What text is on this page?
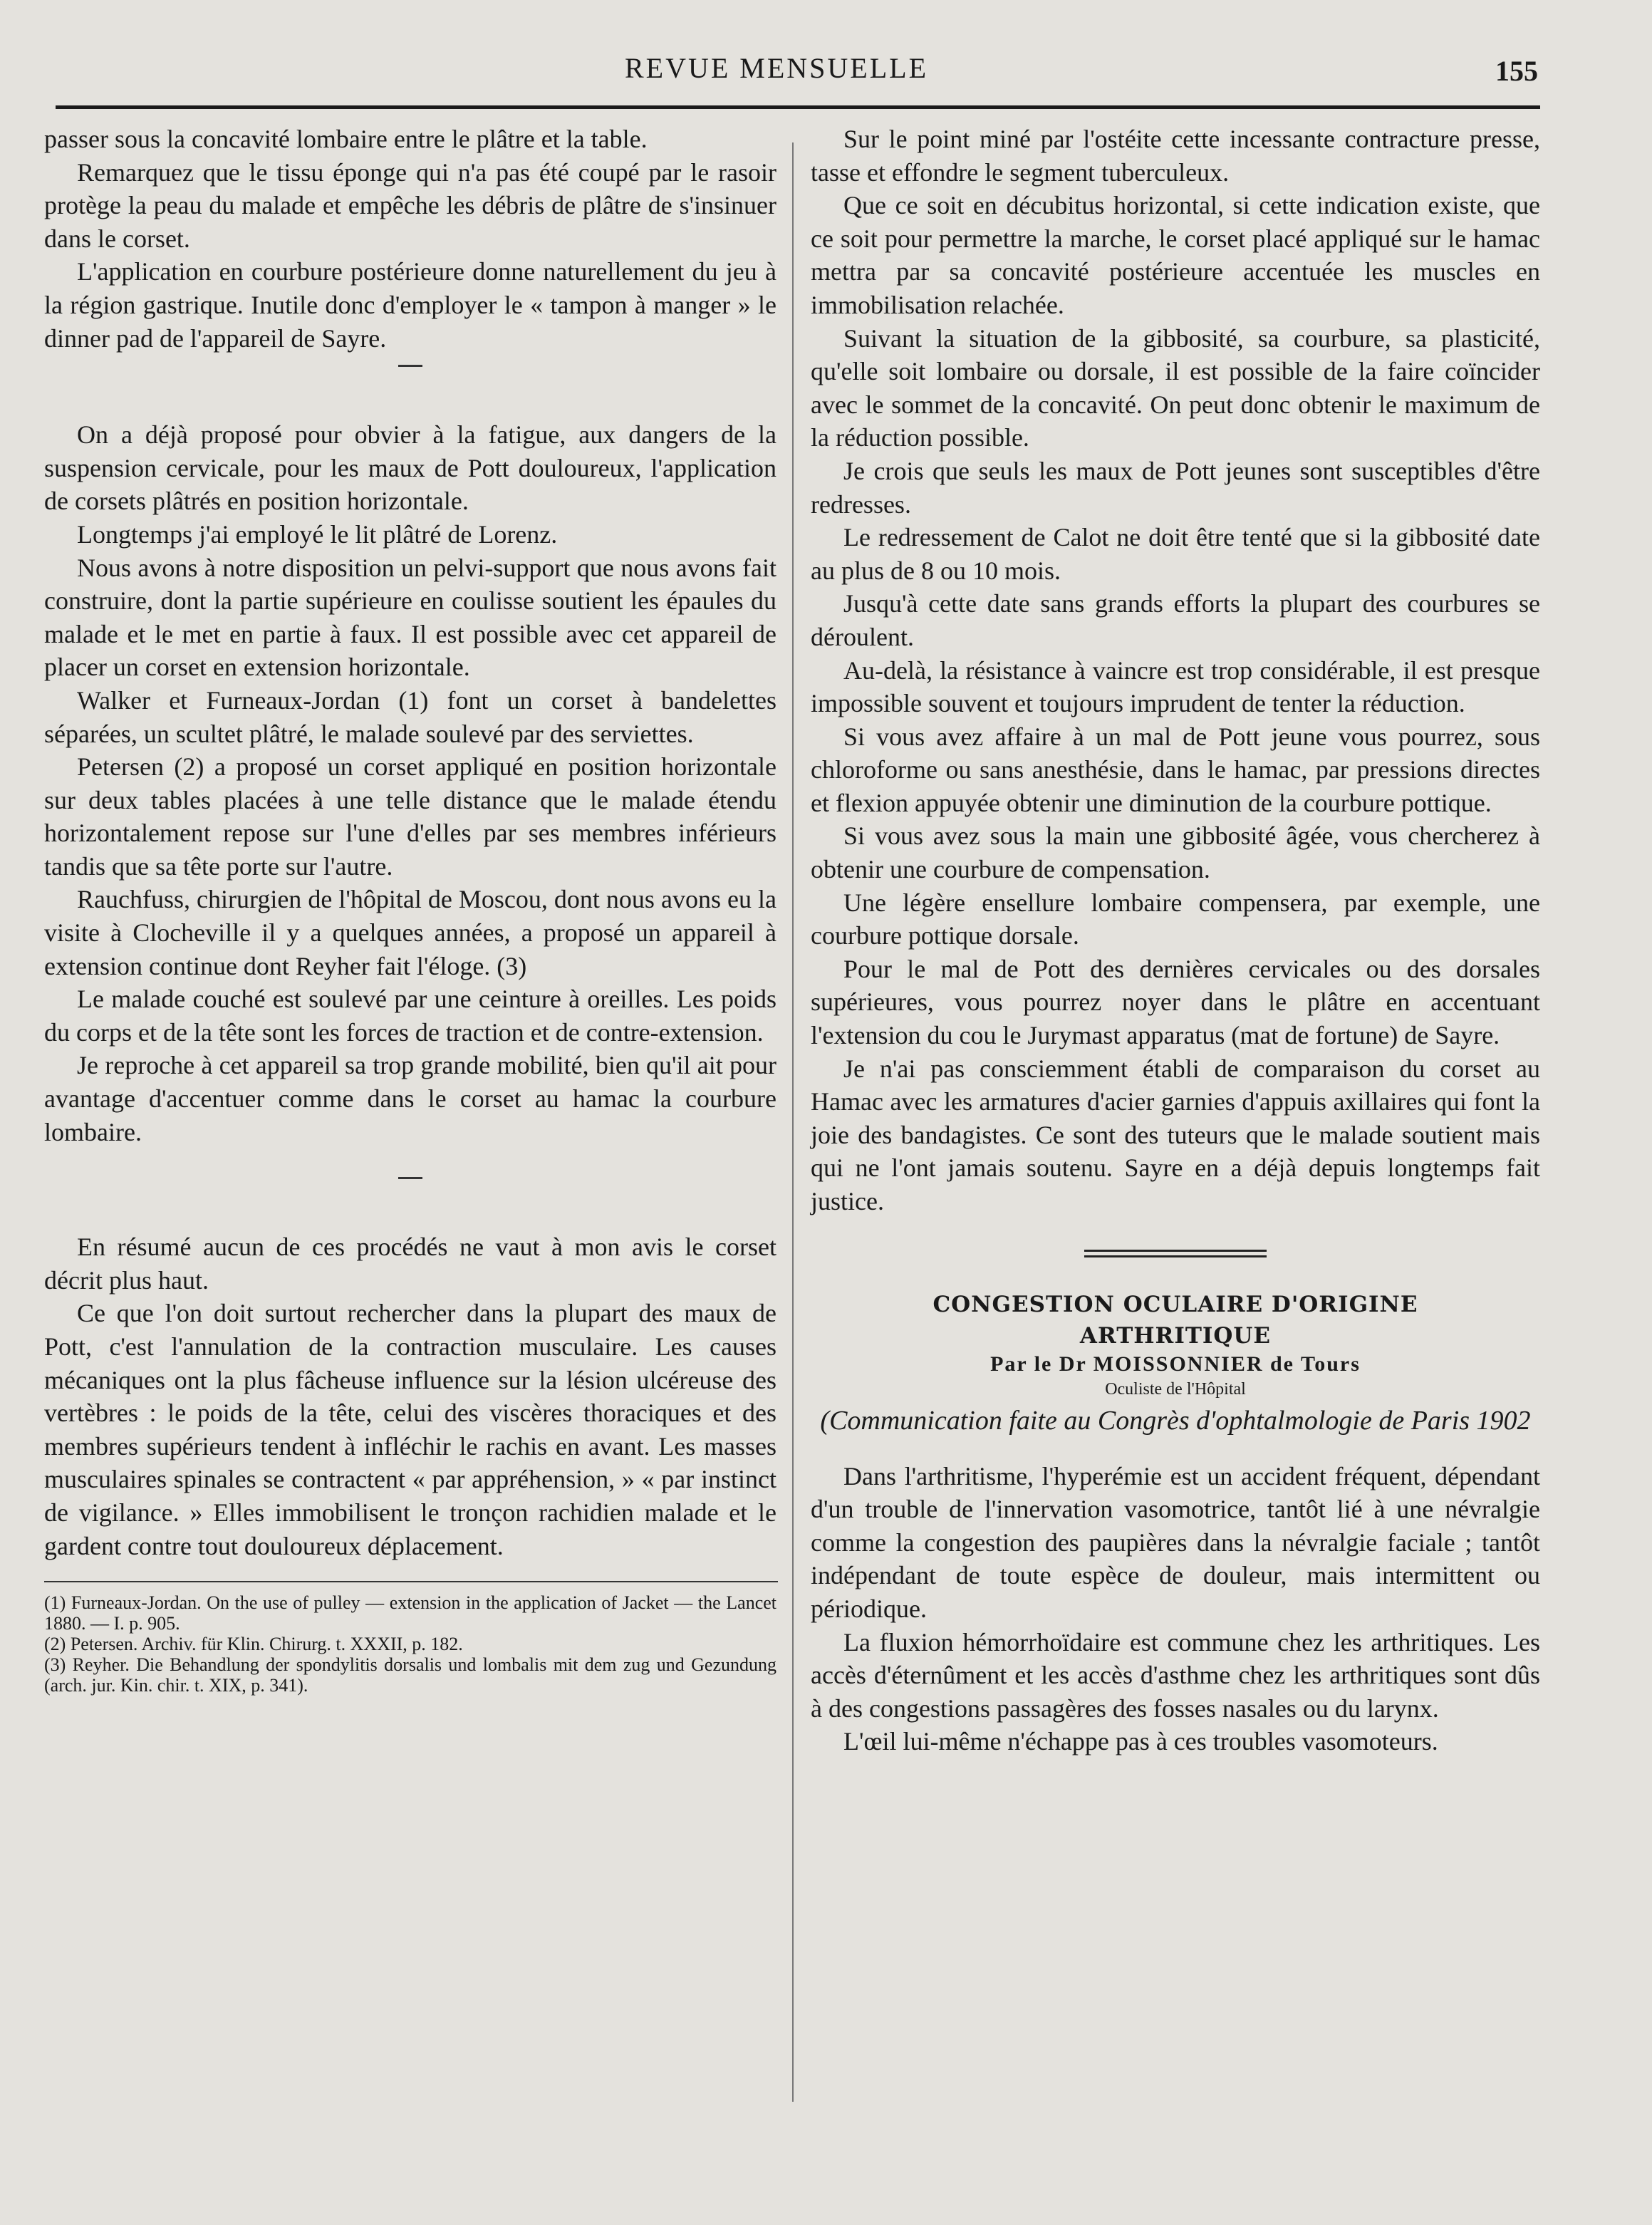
REVUE MENSUELLE	155

passer sous la concavité lombaire entre le plâtre et la table.

Remarquez que le tissu éponge qui n'a pas été coupé par le rasoir protège la peau du malade et empêche les débris de plâtre de s'insinuer dans le corset.

L'application en courbure postérieure donne naturellement du jeu à la région gastrique. Inutile donc d'employer le « tampon à manger » le dinner pad de l'appareil de Sayre.

On a déjà proposé pour obvier à la fatigue, aux dangers de la suspension cervicale, pour les maux de Pott douloureux, l'application de corsets plâtrés en position horizontale.

Longtemps j'ai employé le lit plâtré de Lorenz.

Nous avons à notre disposition un pelvi-support que nous avons fait construire, dont la partie supérieure en coulisse soutient les épaules du malade et le met en partie à faux. Il est possible avec cet appareil de placer un corset en extension horizontale.

Walker et Furneaux-Jordan (1) font un corset à bandelettes séparées, un scultet plâtré, le malade soulevé par des serviettes.

Petersen (2) a proposé un corset appliqué en position horizontale sur deux tables placées à une telle distance que le malade étendu horizontalement repose sur l'une d'elles par ses membres inférieurs tandis que sa tête porte sur l'autre.

Rauchfuss, chirurgien de l'hôpital de Moscou, dont nous avons eu la visite à Clocheville il y a quelques années, a proposé un appareil à extension continue dont Reyher fait l'éloge. (3)

Le malade couché est soulevé par une ceinture à oreilles. Les poids du corps et de la tête sont les forces de traction et de contre-extension.

Je reproche à cet appareil sa trop grande mobilité, bien qu'il ait pour avantage d'accentuer comme dans le corset au hamac la courbure lombaire.

En résumé aucun de ces procédés ne vaut à mon avis le corset décrit plus haut.

Ce que l'on doit surtout rechercher dans la plupart des maux de Pott, c'est l'annulation de la contraction musculaire. Les causes mécaniques ont la plus fâcheuse influence sur la lésion ulcéreuse des vertèbres : le poids de la tête, celui des viscères thoraciques et des membres supérieurs tendent à infléchir le rachis en avant. Les masses musculaires spinales se contractent « par appréhension, » « par instinct de vigilance. » Elles immobilisent le tronçon rachidien malade et le gardent contre tout douloureux déplacement.

(1) Furneaux-Jordan. On the use of pulley — extension in the application of Jacket — the Lancet 1880. — I. p. 905.

(2) Petersen. Archiv. für Klin. Chirurg. t. XXXII, p. 182.

(3) Reyher. Die Behandlung der spondylitis dorsalis und lombalis mit dem zug und Gezundung (arch. jur. Kin. chir. t. XIX, p. 341).

Sur le point miné par l'ostéite cette incessante contracture presse, tasse et effondre le segment tuberculeux.

Que ce soit en décubitus horizontal, si cette indication existe, que ce soit pour permettre la marche, le corset placé appliqué sur le hamac mettra par sa concavité postérieure accentuée les muscles en immobilisation relachée.

Suivant la situation de la gibbosité, sa courbure, sa plasticité, qu'elle soit lombaire ou dorsale, il est possible de la faire coïncider avec le sommet de la concavité. On peut donc obtenir le maximum de la réduction possible.

Je crois que seuls les maux de Pott jeunes sont susceptibles d'être redresses.

Le redressement de Calot ne doit être tenté que si la gibbosité date au plus de 8 ou 10 mois.

Jusqu'à cette date sans grands efforts la plupart des courbures se déroulent.

Au-delà, la résistance à vaincre est trop considérable, il est presque impossible souvent et toujours imprudent de tenter la réduction.

Si vous avez affaire à un mal de Pott jeune vous pourrez, sous chloroforme ou sans anesthésie, dans le hamac, par pressions directes et flexion appuyée obtenir une diminution de la courbure pottique.

Si vous avez sous la main une gibbosité âgée, vous chercherez à obtenir une courbure de compensation.

Une légère ensellure lombaire compensera, par exemple, une courbure pottique dorsale.

Pour le mal de Pott des dernières cervicales ou des dorsales supérieures, vous pourrez noyer dans le plâtre en accentuant l'extension du cou le Jurymast apparatus (mat de fortune) de Sayre.

Je n'ai pas consciemment établi de comparaison du corset au Hamac avec les armatures d'acier garnies d'appuis axillaires qui font la joie des bandagistes. Ce sont des tuteurs que le malade soutient mais qui ne l'ont jamais soutenu. Sayre en a déjà depuis longtemps fait justice.

CONGESTION OCULAIRE D'ORIGINE
ARTHRITIQUE
Par le Dr MOISSONNIER de Tours
Oculiste de l'Hôpital
(Communication faite au Congrès d'ophtalmologie de Paris 1902

Dans l'arthritisme, l'hyperémie est un accident fréquent, dépendant d'un trouble de l'innervation vasomotrice, tantôt lié à une névralgie comme la congestion des paupières dans la névralgie faciale ; tantôt indépendant de toute espèce de douleur, mais intermittent ou périodique.

La fluxion hémorrhoïdaire est commune chez les arthritiques. Les accès d'éternûment et les accès d'asthme chez les arthritiques sont dûs à des congestions passagères des fosses nasales ou du larynx.

L'œil lui-même n'échappe pas à ces troubles vasomoteurs.
